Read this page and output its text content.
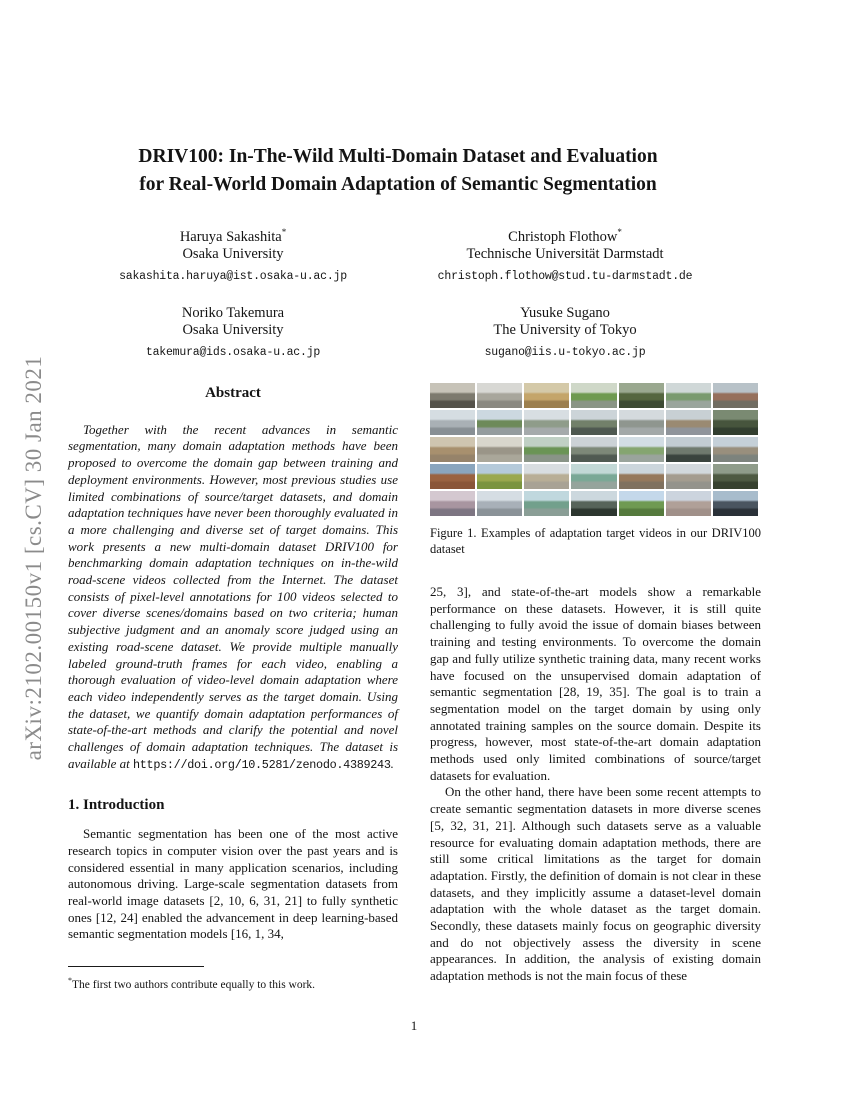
arXiv:2102.00150v1 [cs.CV] 30 Jan 2021
DRIV100: In-The-Wild Multi-Domain Dataset and Evaluation
for Real-World Domain Adaptation of Semantic Segmentation
Haruya Sakashita*
Osaka University
sakashita.haruya@ist.osaka-u.ac.jp
Noriko Takemura
Osaka University
takemura@ids.osaka-u.ac.jp
Christoph Flothow*
Technische Universität Darmstadt
christoph.flothow@stud.tu-darmstadt.de
Yusuke Sugano
The University of Tokyo
sugano@iis.u-tokyo.ac.jp
Abstract

Together with the recent advances in semantic segmentation, many domain adaptation methods have been proposed to overcome the domain gap between training and deployment environments. However, most previous studies use limited combinations of source/target datasets, and domain adaptation techniques have never been thoroughly evaluated in a more challenging and diverse set of target domains. This work presents a new multi-domain dataset DRIV100 for benchmarking domain adaptation techniques on in-the-wild road-scene videos collected from the Internet. The dataset consists of pixel-level annotations for 100 videos selected to cover diverse scenes/domains based on two criteria; human subjective judgment and an anomaly score judged using an existing road-scene dataset. We provide multiple manually labeled ground-truth frames for each video, enabling a thorough evaluation of video-level domain adaptation where each video independently serves as the target domain. Using the dataset, we quantify domain adaptation performances of state-of-the-art methods and clarify the potential and novel challenges of domain adaptation techniques. The dataset is available at https://doi.org/10.5281/zenodo.4389243.

1. Introduction

Semantic segmentation has been one of the most active research topics in computer vision over the past years and is considered essential in many application scenarios, including autonomous driving. Large-scale segmentation datasets from real-world image datasets [2, 10, 6, 31, 21] to fully synthetic ones [12, 24] enabled the advancement in deep learning-based semantic segmentation models [16, 1, 34,

Figure 1. Examples of adaptation target videos in our DRIV100 dataset

25, 3], and state-of-the-art models show a remarkable performance on these datasets. However, it is still quite challenging to fully avoid the issue of domain biases between training and testing environments. To overcome the domain gap and fully utilize synthetic training data, many recent works have focused on the unsupervised domain adaptation of semantic segmentation [28, 19, 35]. The goal is to train a segmentation model on the target domain by using only annotated training samples on the source domain. Despite its progress, however, most state-of-the-art domain adaptation methods used only limited combinations of source/target datasets for evaluation.

On the other hand, there have been some recent attempts to create semantic segmentation datasets in more diverse scenes [5, 32, 31, 21]. Although such datasets serve as a valuable resource for evaluating domain adaptation methods, there are still some critical limitations as the target for domain adaptation. Firstly, the definition of domain is not clear in these datasets, and they implicitly assume a dataset-level domain adaptation with the whole dataset as the target domain. Secondly, these datasets mainly focus on geographic diversity and do not objectively assess the diversity in scene appearances. In addition, the analysis of existing domain adaptation methods is not the main focus of these

*The first two authors contribute equally to this work.
1
